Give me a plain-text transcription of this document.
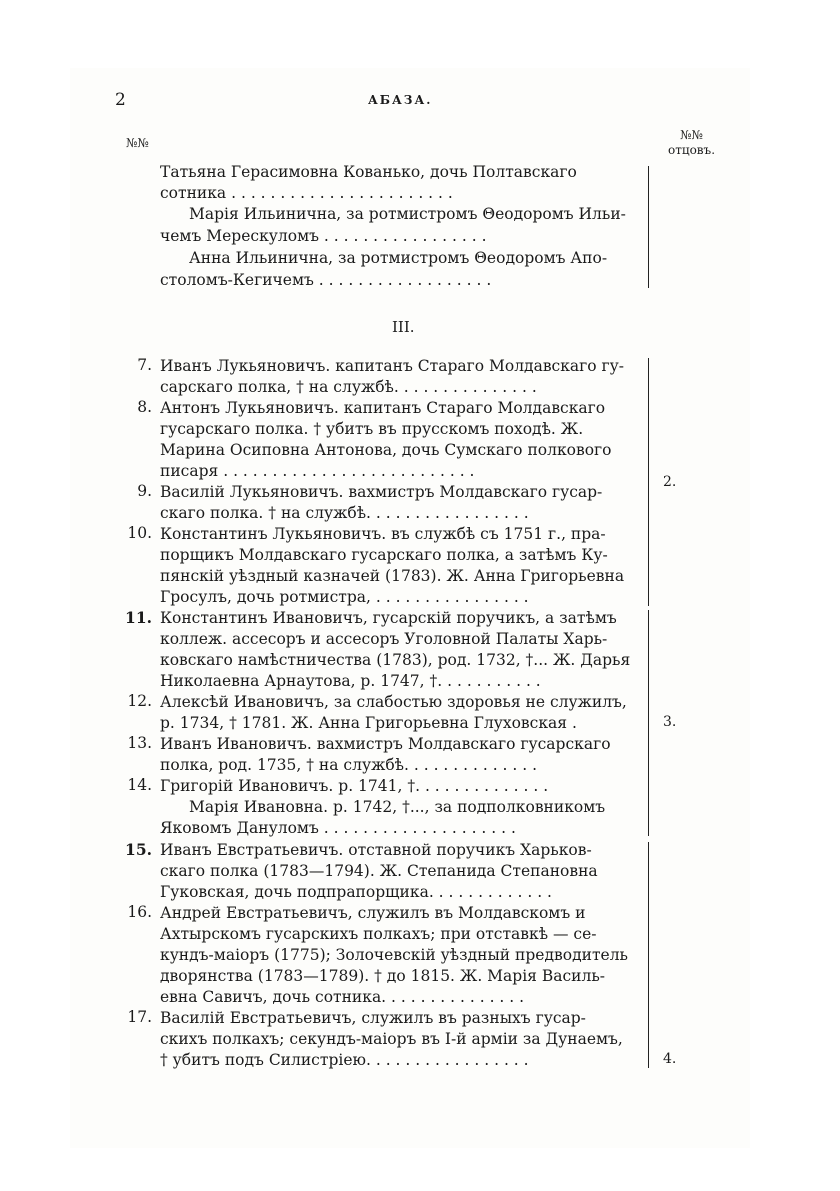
2	АБАЗА.
№№
№№
отцовъ.
Татьяна Герасимовна Кованько, дочь Полтавскаго
сотника . . . . . . . . . . . . . . . . . . . . . . .
Марія Ильинична, за ротмистромъ Θеодоромъ Ильи-
чемъ Мерескуломъ . . . . . . . . . . . . . . . . .
Анна Ильинична, за ротмистромъ Θеодоромъ Апо-
столомъ-Кегичемъ . . . . . . . . . . . . . . . . . .
III.
7. Иванъ Лукьяновичъ. капитанъ Стараго Молдавскаго гу-
сарскаго полка, † на службѣ. . . . . . . . . . . . . . .
8. Антонъ Лукьяновичъ. капитанъ Стараго Молдавскаго
гусарскаго полка. † убитъ въ прусскомъ походѣ. Ж.
Марина Осиповна Антонова, дочь Сумскаго полкового
писаря . . . . . . . . . . . . . . . . . . . . . . . . . .
9. Василій Лукьяновичъ. вахмистръ Молдавскаго гусар-
скаго полка. † на службѣ. . . . . . . . . . . . . . . . .
10. Константинъ Лукьяновичъ. въ службѣ съ 1751 г., пра-
порщикъ Молдавскаго гусарскаго полка, а затѣмъ Ку-
пянскій уѣздный казначей (1783). Ж. Анна Григорьевна
Гросулъ, дочь ротмистра, . . . . . . . . . . . . . . . .
2.
11. Константинъ Ивановичъ, гусарскій поручикъ, а затѣмъ
коллеж. ассесоръ и ассесоръ Уголовной Палаты Харь-
ковскаго намѣстничества (1783), род. 1732, †... Ж. Дарья
Николаевна Арнаутова, р. 1747, †. . . . . . . . . . .
12. Алексѣй Ивановичъ, за слабостью здоровья не служилъ,
р. 1734, † 1781. Ж. Анна Григорьевна Глуховская .
13. Иванъ Ивановичъ. вахмистръ Молдавскаго гусарскаго
полка, род. 1735, † на службѣ. . . . . . . . . . . . . .
14. Григорій Ивановичъ. р. 1741, †. . . . . . . . . . . . . .
Марія Ивановна. р. 1742, †..., за подполковникомъ
Яковомъ Дануломъ . . . . . . . . . . . . . . . . . . . .
3.
15. Иванъ Евстратьевичъ. отставной поручикъ Харьков-
скаго полка (1783—1794). Ж. Степанида Степановна
Гуковская, дочь подпрапорщика. . . . . . . . . . . . .
16. Андрей Евстратьевичъ, служилъ въ Молдавскомъ и
Ахтырскомъ гусарскихъ полкахъ; при отставкѣ — се-
кундъ-маіоръ (1775); Золочевскій уѣздный предводитель
дворянства (1783—1789). † до 1815. Ж. Марія Василь-
евна Савичъ, дочь сотника. . . . . . . . . . . . . . .
17. Василій Евстратьевичъ, служилъ въ разныхъ гусар-
скихъ полкахъ; секундъ-маіоръ въ I-й арміи за Дунаемъ,
† убитъ подъ Силистріею. . . . . . . . . . . . . . . . .	4.
